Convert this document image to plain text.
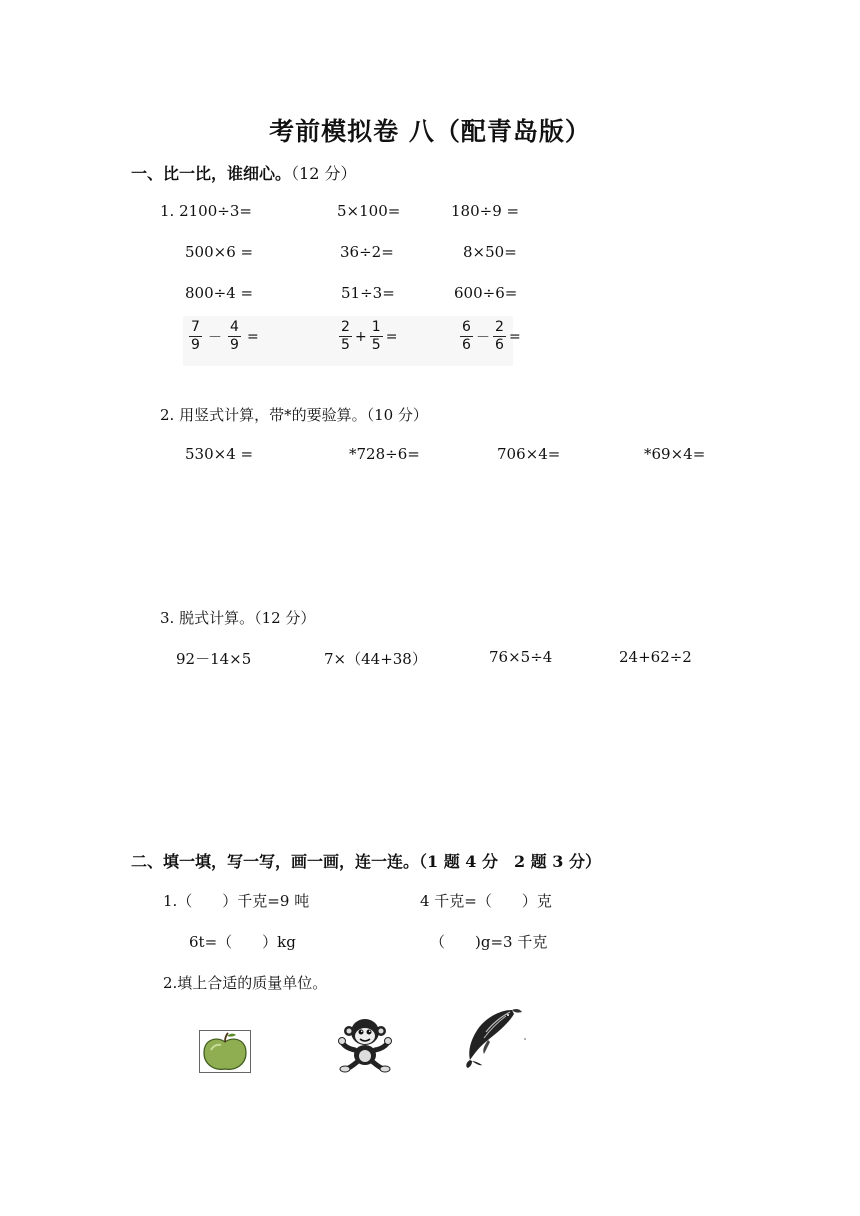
考前模拟卷 八（配青岛版）
一、比一比，谁细心。（12 分）
1. 2100÷3=	5×100=	180÷9 =
500×6 =	36÷2=	8×50=
800÷4 =	51÷3=	600÷6=
$\frac{7}{9} - \frac{4}{9}$ =	$\frac{2}{5} + \frac{1}{5}$ =	$\frac{6}{6} - \frac{2}{6}$ =
2. 用竖式计算，带*的要验算。（10 分）
530×4 =	*728÷6=	706×4=	*69×4=
3. 脱式计算。（12 分）
92－14×5	7×（44+38）	76×5÷4	24+62÷2
二、填一填，写一写，画一画，连一连。（1 题 4 分　2 题 3 分）
1.（　　）千克=9 吨	4 千克=（　　）克
6t=（　　）kg	（　　)g=3 千克
2.填上合适的质量单位。
